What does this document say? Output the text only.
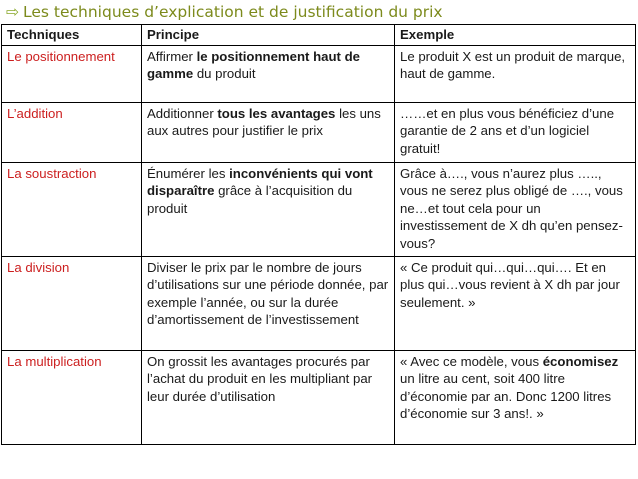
⇨ Les techniques d’explication et de justification du prix
Techniques	Principe	Exemple
Le positionnement	Affirmer le positionnement haut de gamme du produit	Le produit X est un produit de marque, haut de gamme.
L’addition	Additionner tous les avantages les uns aux autres pour justifier le prix	……et en plus vous bénéficiez d’une garantie de 2 ans et d’un logiciel gratuit!
La soustraction	Énumérer les inconvénients qui vont disparaître grâce à l’acquisition du produit	Grâce à…., vous n’aurez plus ….., vous ne serez plus obligé de …., vous ne…et tout cela pour un investissement de X dh qu’en pensez-vous?
La division	Diviser le prix par le nombre de jours d’utilisations sur une période donnée, par exemple l’année, ou sur la durée d’amortissement de l’investissement	« Ce produit qui…qui…qui…. Et en plus qui…vous revient à X dh par jour seulement. »
La multiplication	On grossit les avantages procurés par l’achat du produit en les multipliant par leur durée d’utilisation	« Avec ce modèle, vous économisez un litre au cent, soit 400 litre d’économie par an. Donc 1200 litres d’économie sur 3 ans!. »
